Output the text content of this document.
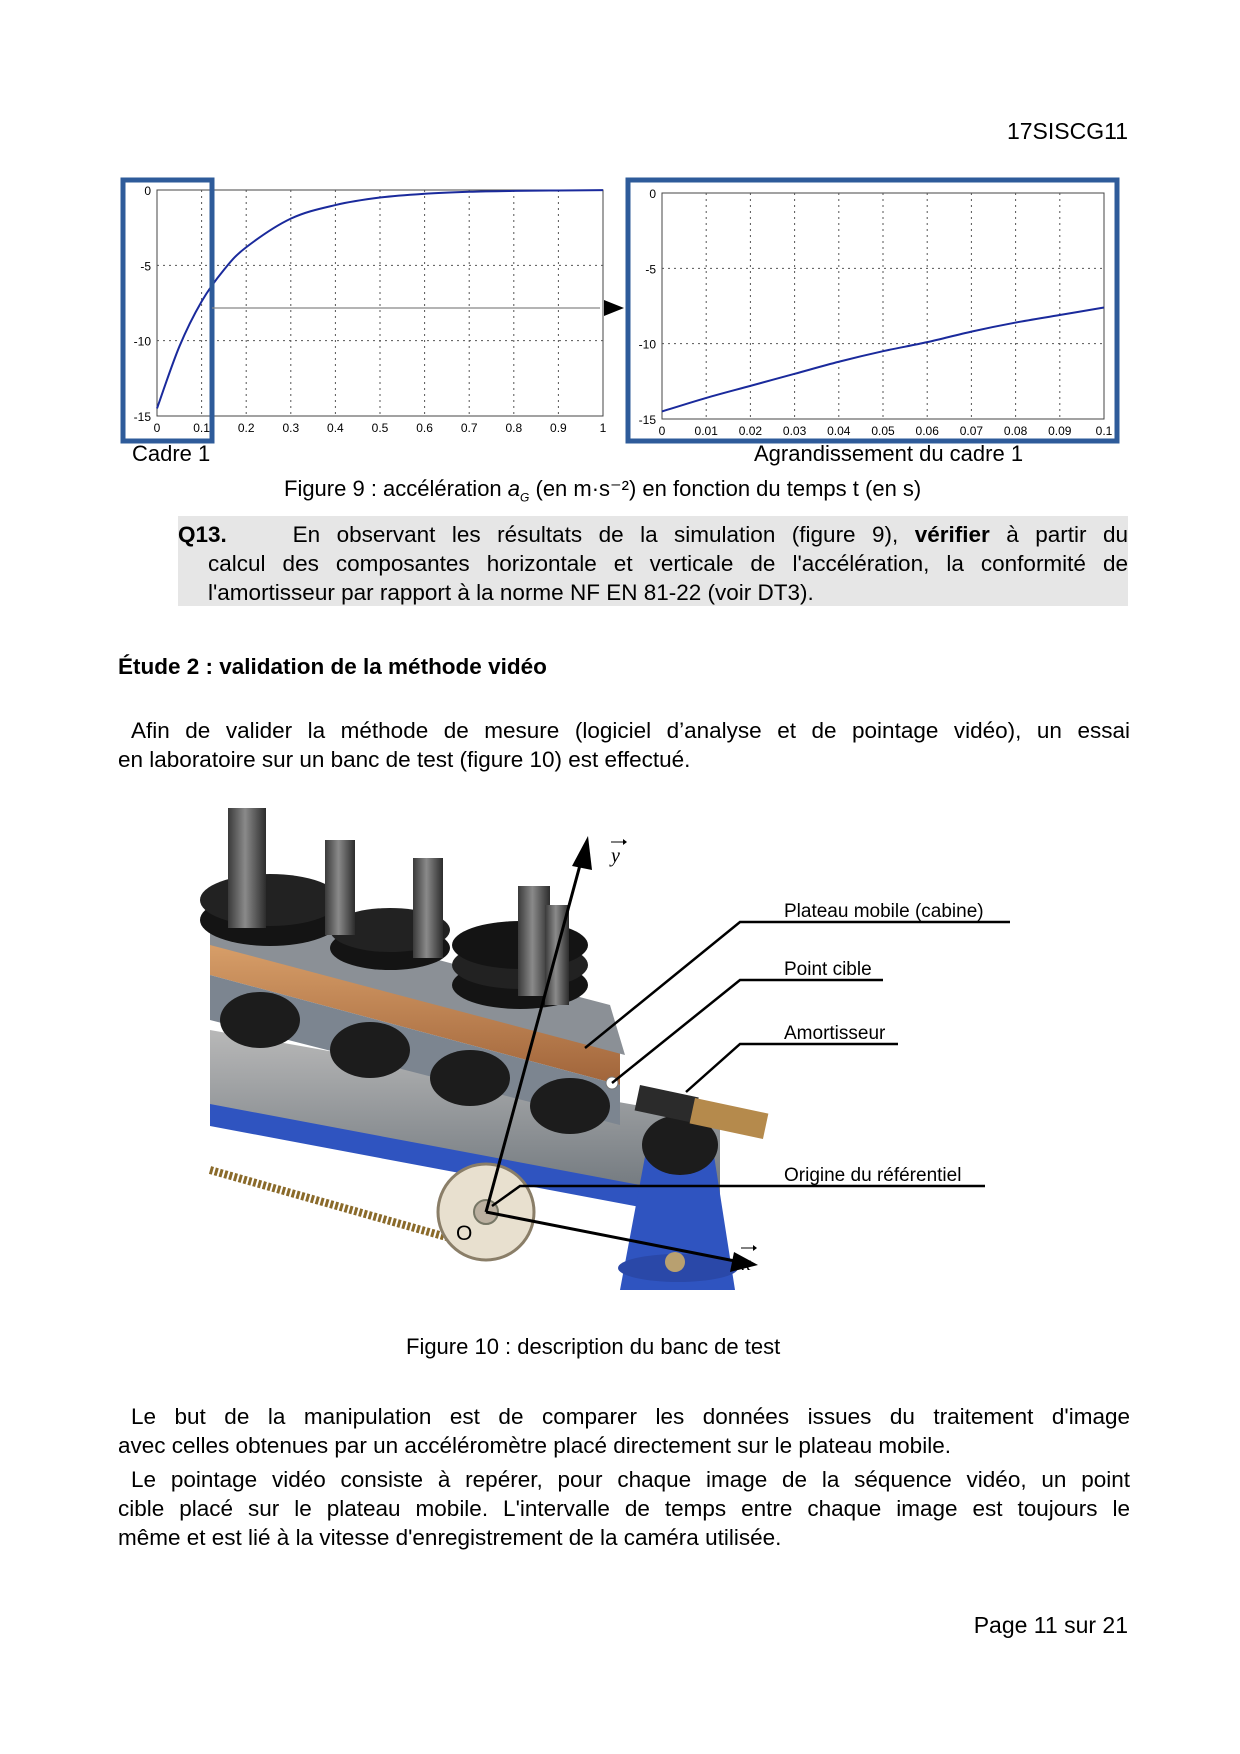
17SISCG11
0
-5
-10
-15
0	0.1 0.2 0.3 0.4 0.5 0.6 0.7 0.8 0.9	1
0
-5
-10
-15
0 0.01 0.02 0.03 0.04 0.05 0.06 0.07 0.08 0.09 0.1
Cadre 1	Agrandissement du cadre 1
Figure 9 : accélération $a_G$ (en m·s⁻²) en fonction du temps t (en s)
Q13.	En observant les résultats de la simulation (figure 9), vérifier à partir du
calcul des composantes horizontale et verticale de l'accélération, la conformité de
l'amortisseur par rapport à la norme NF EN 81-22 (voir DT3).
Étude 2 : validation de la méthode vidéo
Afin de valider la méthode de mesure (logiciel d’analyse et de pointage vidéo), un essai
en laboratoire sur un banc de test (figure 10) est effectué.
y
x
O
Plateau mobile (cabine)
Point cible
Amortisseur
Origine du référentiel
Figure 10 : description du banc de test
Le but de la manipulation est de comparer les données issues du traitement d'image
avec celles obtenues par un accéléromètre placé directement sur le plateau mobile.
Le pointage vidéo consiste à repérer, pour chaque image de la séquence vidéo, un point
cible placé sur le plateau mobile. L'intervalle de temps entre chaque image est toujours le
même et est lié à la vitesse d'enregistrement de la caméra utilisée.
Page 11 sur 21
